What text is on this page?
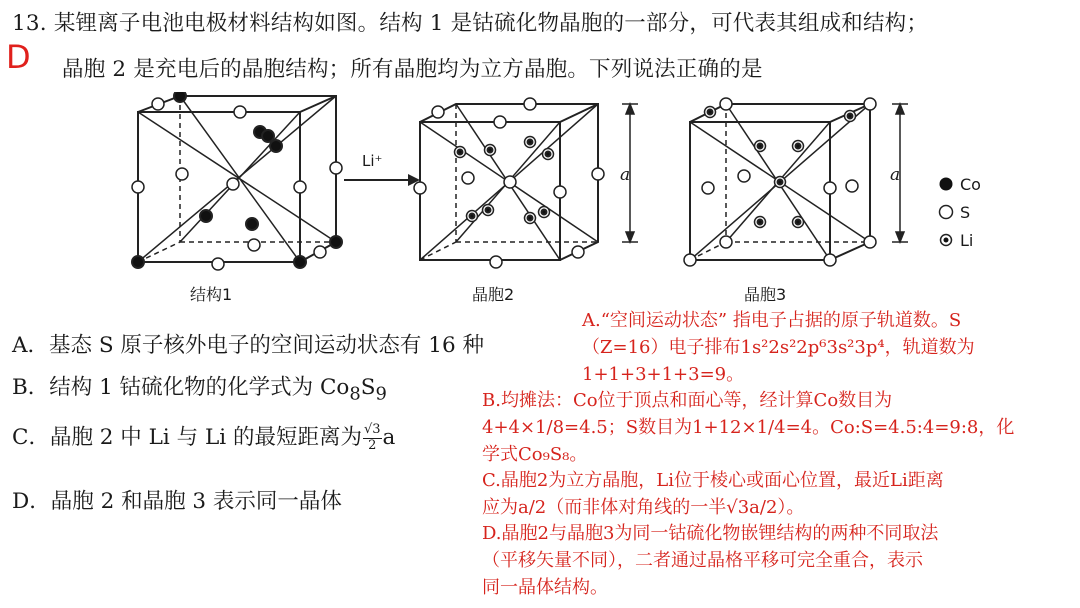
13. 某锂离子电池电极材料结构如图。结构 1 是钴硫化物晶胞的一部分，可代表其组成和结构；
D 晶胞 2 是充电后的晶胞结构；所有晶胞均为立方晶胞。下列说法正确的是
结构1
Li⁺
晶胞2
a
晶胞3
a	Co
S
Li
A．基态 S 原子核外电子的空间运动状态有 16 种
B．结构 1 钴硫化物的化学式为 $Co_8S_9$
C．晶胞 2 中 Li 与 Li 的最短距离为 $\frac{√3}{2}$ a
D．晶胞 2 和晶胞 3 表示同一晶体
A.“空间运动状态” 指电子占据的原子轨道数。S
（Z=16）电子排布1s²2s²2p⁶3s²3p⁴，轨道数为
1+1+3+1+3=9。
B.均摊法：Co位于顶点和面心等，经计算Co数目为
4+4×1/8=4.5；S数目为1+12×1/4=4。Co:S=4.5:4=9:8，化
学式Co₉S₈。
C.晶胞2为立方晶胞，Li位于棱心或面心位置，最近Li距离
应为a/2（而非体对角线的一半√3a/2）。
D.晶胞2与晶胞3为同一钴硫化物嵌锂结构的两种不同取法
（平移矢量不同），二者通过晶格平移可完全重合，表示
同一晶体结构。
